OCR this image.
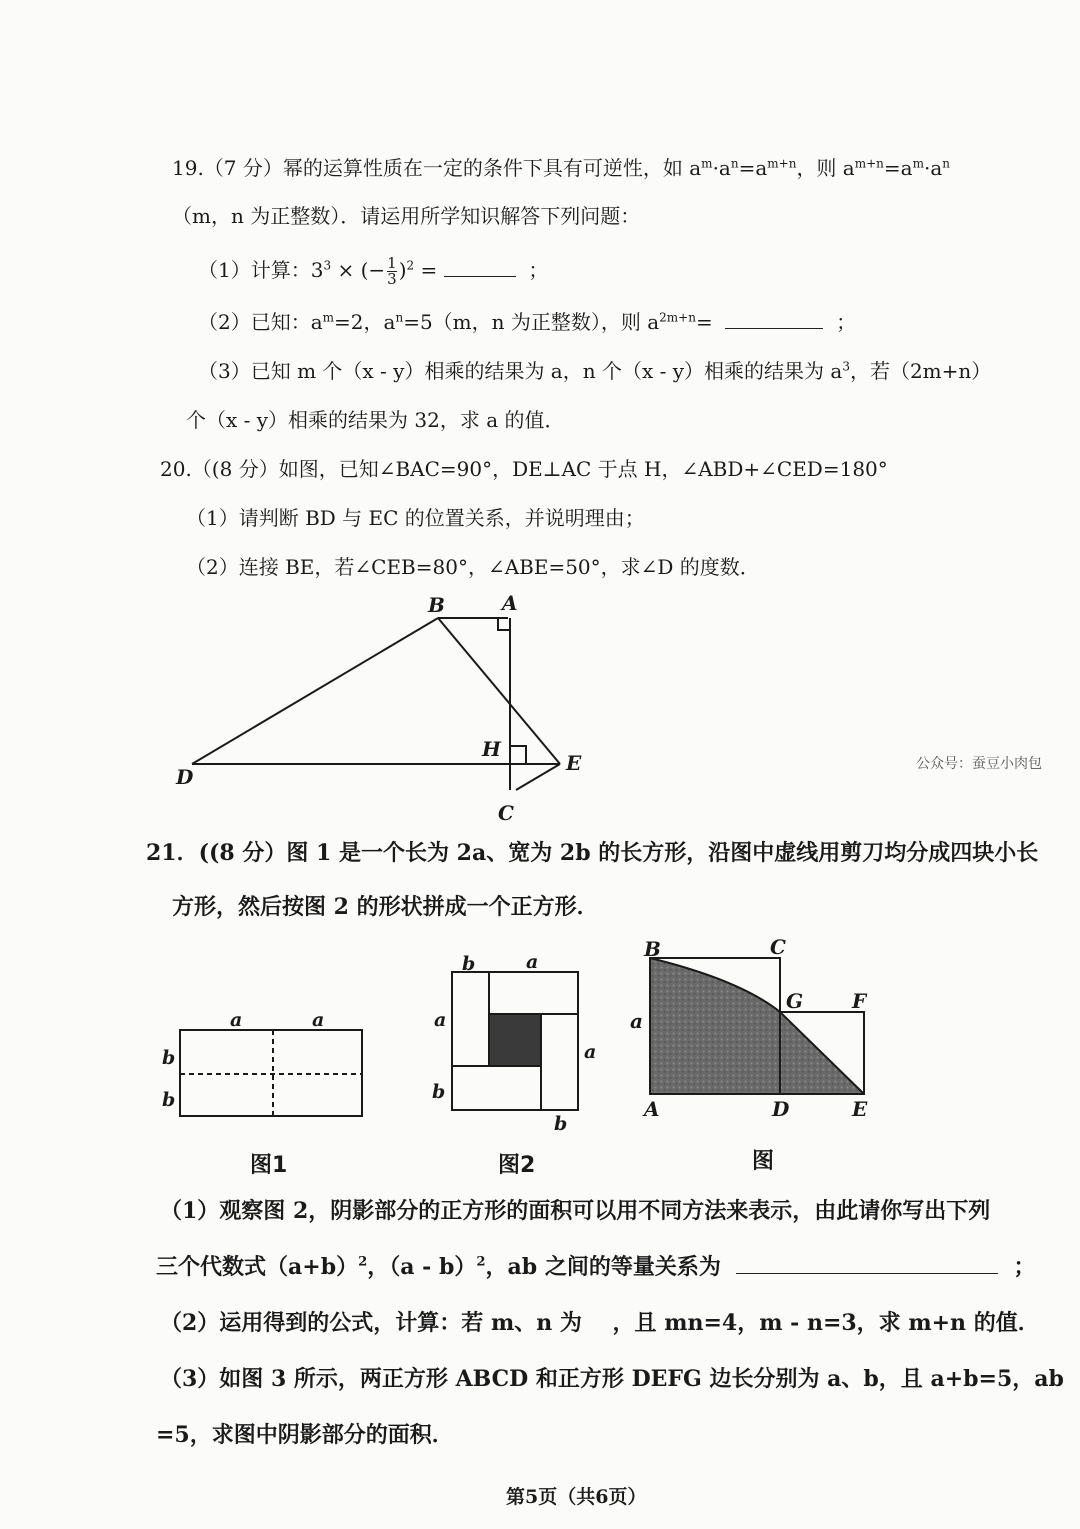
19.（7 分）幂的运算性质在一定的条件下具有可逆性，如 $a^m\cdot a^n=a^{m+n}$，则 $a^{m+n}=a^m\cdot a^n$
（m，n 为正整数）．请运用所学知识解答下列问题：
（1）计算：$3^3$ × (− $\frac{1}{3} )^2$ =	；
（2）已知：$a^m=2$，$a^n=5(m$，n 为正整数），则 $a^{2m+n}=$	；
（3）已知 m 个（x - y）相乘的结果为 a，n 个（x - y）相乘的结果为 $a^3$，若（2m+n）
个（x - y）相乘的结果为 32，求 a 的值．
20.（(8 分）如图，已知∠BAC=90°，DE⊥AC 于点 H，∠ABD+∠CED=180°
（1）请判断 BD 与 EC 的位置关系，并说明理由；
（2）连接 BE，若∠CEB=80°，∠ABE=50°，求∠D 的度数．
B	A
H
E
D
C
公众号：蚕豆小肉包
21．((8 分）图 1 是一个长为 2a、宽为 2b 的长方形，沿图中虚线用剪刀均分成四块小长
方形，然后按图 2 的形状拼成一个正方形．
a	a
b
b
图1
b	a
a
a
b
b
图2
B	C
G F
a
A	D	E
图
（1）观察图 2，阴影部分的正方形的面积可以用不同方法来表示，由此请你写出下列
三个代数式$(a+b)^2$，（a - b）$^2$，ab 之间的等量关系为	；
（2）运用得到的公式，计算：若 m、n 为 ，且 mn=4，m - n=3，求 m+n 的值．
（3）如图 3 所示，两正方形 ABCD 和正方形 DEFG 边长分别为 a、b，且 a+b=5，ab
=5，求图中阴影部分的面积．
第5页（共6页）
